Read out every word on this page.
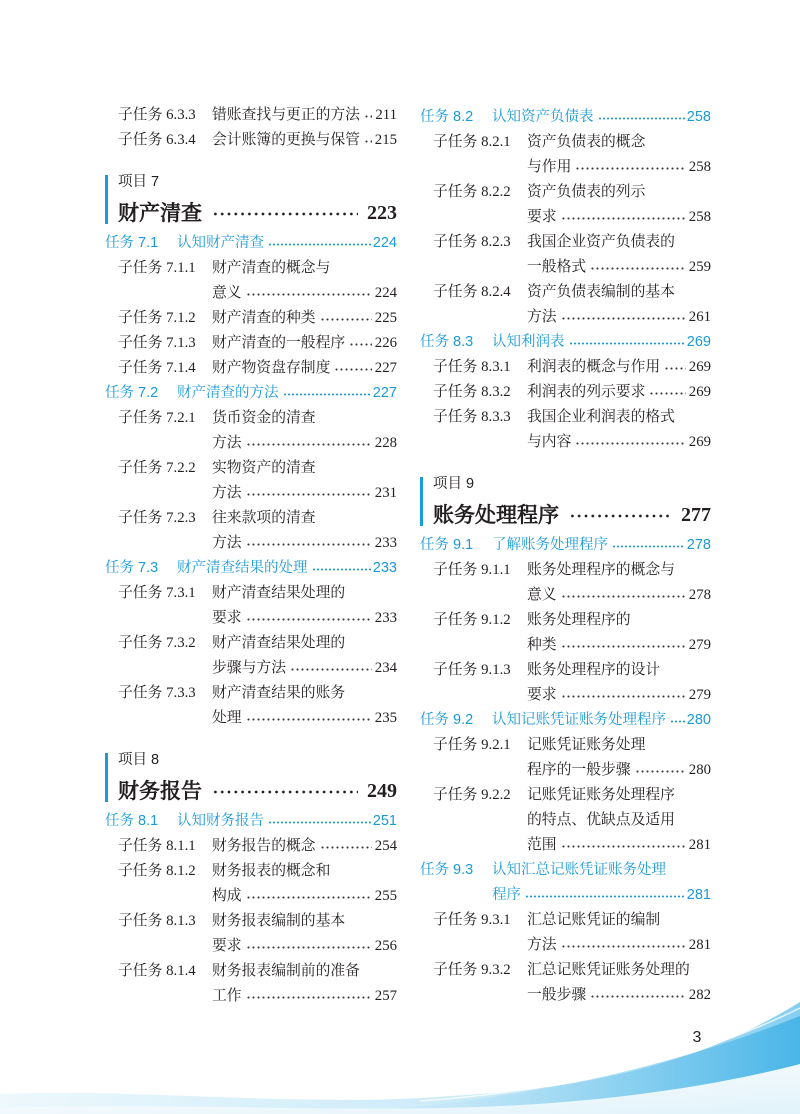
子任务 6.3.3	错账查找与更正的方法 211
子任务 6.3.4	会计账簿的更换与保管 215
项目 7
财产清查	223
任务 7.1	认知财产清查	224
子任务 7.1.1	财产清查的概念与
意义	224
子任务 7.1.2	财产清查的种类	225
子任务 7.1.3	财产清查的一般程序 226
子任务 7.1.4	财产物资盘存制度	227
任务 7.2	财产清查的方法	227
子任务 7.2.1	货币资金的清查
方法	228
子任务 7.2.2	实物资产的清查
方法	231
子任务 7.2.3	往来款项的清查
方法	233
任务 7.3	财产清查结果的处理	233
子任务 7.3.1	财产清查结果处理的
要求	233
子任务 7.3.2	财产清查结果处理的
步骤与方法	234
子任务 7.3.3	财产清查结果的账务
处理	235
项目 8
财务报告	249
任务 8.1	认知财务报告	251
子任务 8.1.1	财务报告的概念	254
子任务 8.1.2	财务报表的概念和
构成	255
子任务 8.1.3	财务报表编制的基本
要求	256
子任务 8.1.4	财务报表编制前的准备
工作	257
任务 8.2	认知资产负债表	258
子任务 8.2.1	资产负债表的概念
与作用	258
子任务 8.2.2	资产负债表的列示
要求	258
子任务 8.2.3	我国企业资产负债表的
一般格式	259
子任务 8.2.4	资产负债表编制的基本
方法	261
任务 8.3	认知利润表	269
子任务 8.3.1	利润表的概念与作用 269
子任务 8.3.2	利润表的列示要求	269
子任务 8.3.3	我国企业利润表的格式
与内容	269
项目 9
账务处理程序	277
任务 9.1	了解账务处理程序	278
子任务 9.1.1	账务处理程序的概念与
意义	278
子任务 9.1.2	账务处理程序的
种类	279
子任务 9.1.3	账务处理程序的设计
要求	279
任务 9.2	认知记账凭证账务处理程序 280
子任务 9.2.1	记账凭证账务处理
程序的一般步骤	280
子任务 9.2.2	记账凭证账务处理程序
的特点、优缺点及适用
范围	281
任务 9.3	认知汇总记账凭证账务处理
程序	281
子任务 9.3.1	汇总记账凭证的编制
方法	281
子任务 9.3.2	汇总记账凭证账务处理的
一般步骤	282
3
